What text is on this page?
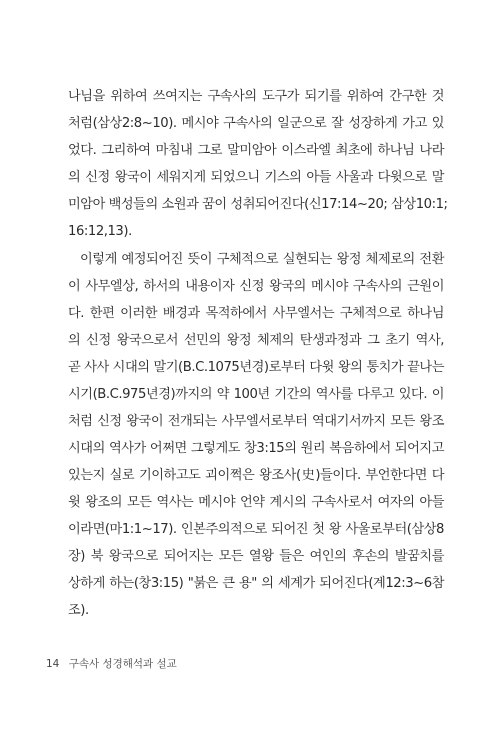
나님을 위하여 쓰여지는 구속사의 도구가 되기를 위하여 간구한 것
처럼(삼상2:8~10). 메시야 구속사의 일군으로 잘 성장하게 가고 있
었다. 그리하여 마침내 그로 말미암아 이스라엘 최초에 하나님 나라
의 신정 왕국이 세워지게 되었으니 기스의 아들 사울과 다윗으로 말
미암아 백성들의 소원과 꿈이 성취되어진다(신17:14~20; 삼상10:1;
16:12,13).
이렇게 예정되어진 뜻이 구체적으로 실현되는 왕정 체제로의 전환
이 사무엘상, 하서의 내용이자 신정 왕국의 메시야 구속사의 근원이
다. 한편 이러한 배경과 목적하에서 사무엘서는 구체적으로 하나님
의 신정 왕국으로서 선민의 왕정 체제의 탄생과정과 그 초기 역사,
곧 사사 시대의 말기(B.C.1075년경)로부터 다윗 왕의 통치가 끝나는
시기(B.C.975년경)까지의 약 100년 기간의 역사를 다루고 있다. 이
처럼 신정 왕국이 전개되는 사무엘서로부터 역대기서까지 모든 왕조
시대의 역사가 어쩌면 그렇게도 창3:15의 원리 복음하에서 되어지고
있는지 실로 기이하고도 괴이쩍은 왕조사(史)들이다. 부언한다면 다
윗 왕조의 모든 역사는 메시야 언약 계시의 구속사로서 여자의 아들
이라면(마1:1~17). 인본주의적으로 되어진 첫 왕 사울로부터(삼상8
장) 북 왕국으로 되어지는 모든 열왕 들은 여인의 후손의 발꿈치를
상하게 하는(창3:15) "붉은 큰 용" 의 세계가 되어진다(계12:3~6참
조).
14 구속사 성경해석과 설교
